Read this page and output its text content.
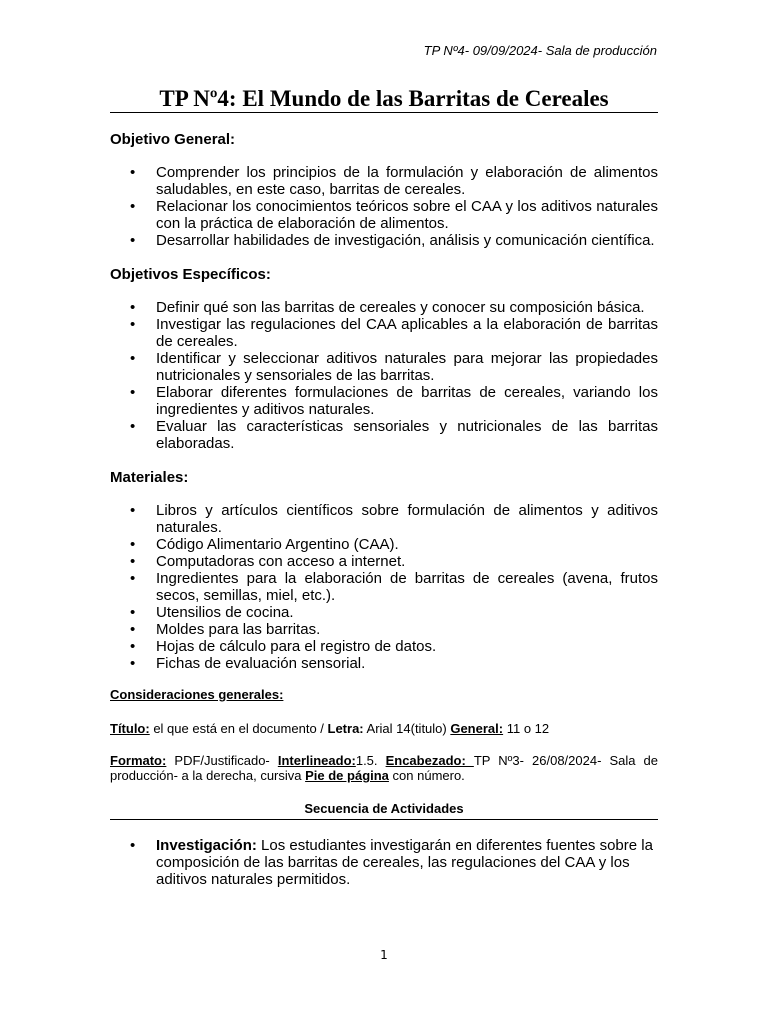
TP Nº4- 09/09/2024- Sala de producción
TP Nº4: El Mundo de las Barritas de Cereales
Objetivo General:
•	Comprender los principios de la formulación y elaboración de alimentos saludables, en este caso, barritas de cereales.
•	Relacionar los conocimientos teóricos sobre el CAA y los aditivos naturales con la práctica de elaboración de alimentos.
•	Desarrollar habilidades de investigación, análisis y comunicación científica.
Objetivos Específicos:
•	Definir qué son las barritas de cereales y conocer su composición básica.
•	Investigar las regulaciones del CAA aplicables a la elaboración de barritas de cereales.
•	Identificar y seleccionar aditivos naturales para mejorar las propiedades nutricionales y sensoriales de las barritas.
•	Elaborar diferentes formulaciones de barritas de cereales, variando los ingredientes y aditivos naturales.
•	Evaluar las características sensoriales y nutricionales de las barritas elaboradas.
Materiales:
•	Libros y artículos científicos sobre formulación de alimentos y aditivos naturales.
•	Código Alimentario Argentino (CAA).
•	Computadoras con acceso a internet.
•	Ingredientes para la elaboración de barritas de cereales (avena, frutos secos, semillas, miel, etc.).
•	Utensilios de cocina.
•	Moldes para las barritas.
•	Hojas de cálculo para el registro de datos.
•	Fichas de evaluación sensorial.
Consideraciones generales:
Título: el que está en el documento / Letra: Arial 14(titulo) General: 11 o 12
Formato: PDF/Justificado- Interlineado:1.5. Encabezado: TP Nº3- 26/08/2024- Sala de producción- a la derecha, cursiva Pie de página con número.
Secuencia de Actividades
•	Investigación: Los estudiantes investigarán en diferentes fuentes sobre la composición de las barritas de cereales, las regulaciones del CAA y los aditivos naturales permitidos.
1
